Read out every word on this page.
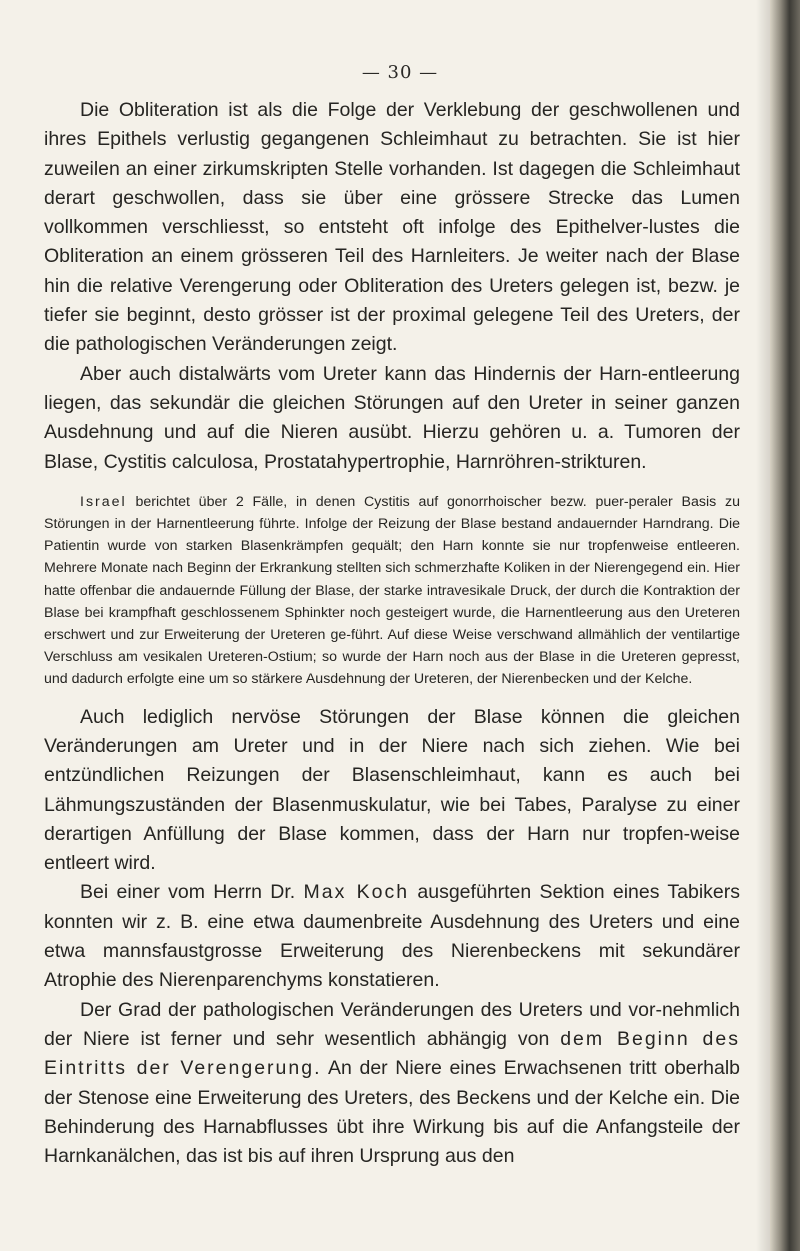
— 30 —

Die Obliteration ist als die Folge der Verklebung der geschwollenen und ihres Epithels verlustig gegangenen Schleimhaut zu betrachten. Sie ist hier zuweilen an einer zirkumskripten Stelle vorhanden. Ist dagegen die Schleimhaut derart geschwollen, dass sie über eine grössere Strecke das Lumen vollkommen verschliesst, so entsteht oft infolge des Epithelver-lustes die Obliteration an einem grösseren Teil des Harnleiters. Je weiter nach der Blase hin die relative Verengerung oder Obliteration des Ureters gelegen ist, bezw. je tiefer sie beginnt, desto grösser ist der proximal gelegene Teil des Ureters, der die pathologischen Veränderungen zeigt.

Aber auch distalwärts vom Ureter kann das Hindernis der Harn-entleerung liegen, das sekundär die gleichen Störungen auf den Ureter in seiner ganzen Ausdehnung und auf die Nieren ausübt. Hierzu gehören u. a. Tumoren der Blase, Cystitis calculosa, Prostatahypertrophie, Harnröhren-strikturen.

Israel berichtet über 2 Fälle, in denen Cystitis auf gonorrhoischer bezw. puer-peraler Basis zu Störungen in der Harnentleerung führte. Infolge der Reizung der Blase bestand andauernder Harndrang. Die Patientin wurde von starken Blasenkrämpfen gequält; den Harn konnte sie nur tropfenweise entleeren. Mehrere Monate nach Beginn der Erkrankung stellten sich schmerzhafte Koliken in der Nierengegend ein. Hier hatte offenbar die andauernde Füllung der Blase, der starke intravesikale Druck, der durch die Kontraktion der Blase bei krampfhaft geschlossenem Sphinkter noch gesteigert wurde, die Harnentleerung aus den Ureteren erschwert und zur Erweiterung der Ureteren ge-führt. Auf diese Weise verschwand allmählich der ventilartige Verschluss am vesikalen Ureteren-Ostium; so wurde der Harn noch aus der Blase in die Ureteren gepresst, und dadurch erfolgte eine um so stärkere Ausdehnung der Ureteren, der Nierenbecken und der Kelche.

Auch lediglich nervöse Störungen der Blase können die gleichen Veränderungen am Ureter und in der Niere nach sich ziehen. Wie bei entzündlichen Reizungen der Blasenschleimhaut, kann es auch bei Lähmungszuständen der Blasenmuskulatur, wie bei Tabes, Paralyse zu einer derartigen Anfüllung der Blase kommen, dass der Harn nur tropfen-weise entleert wird.

Bei einer vom Herrn Dr. Max Koch ausgeführten Sektion eines Tabikers konnten wir z. B. eine etwa daumenbreite Ausdehnung des Ureters und eine etwa mannsfaustgrosse Erweiterung des Nierenbeckens mit sekundärer Atrophie des Nierenparenchyms konstatieren.

Der Grad der pathologischen Veränderungen des Ureters und vor-nehmlich der Niere ist ferner und sehr wesentlich abhängig von dem Beginn des Eintritts der Verengerung. An der Niere eines Erwachsenen tritt oberhalb der Stenose eine Erweiterung des Ureters, des Beckens und der Kelche ein. Die Behinderung des Harnabflusses übt ihre Wirkung bis auf die Anfangsteile der Harnkanälchen, das ist bis auf ihren Ursprung aus den
